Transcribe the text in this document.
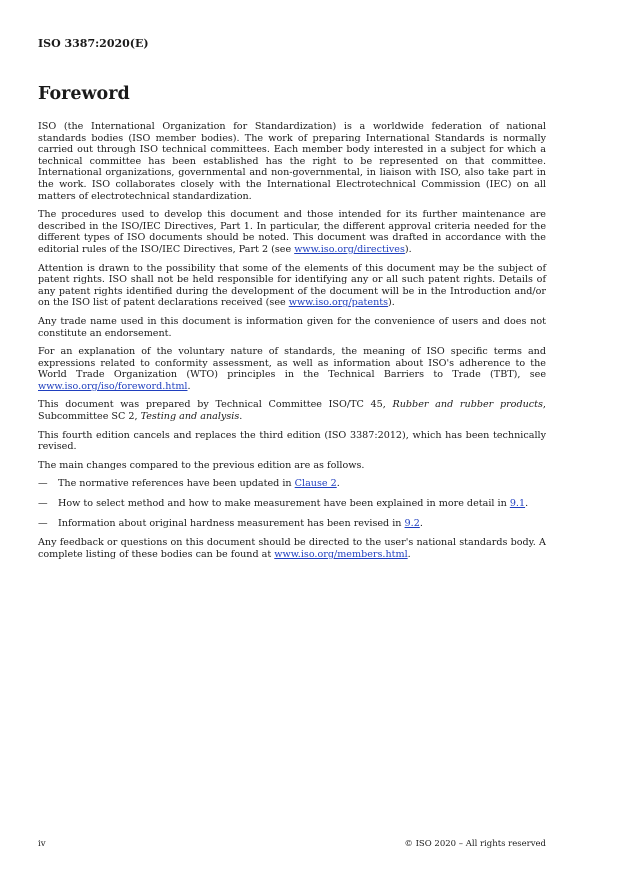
ISO 3387:2020(E)
Foreword

ISO (the International Organization for Standardization) is a worldwide federation of national standards bodies (ISO member bodies). The work of preparing International Standards is normally carried out through ISO technical committees. Each member body interested in a subject for which a technical committee has been established has the right to be represented on that committee. International organizations, governmental and non-governmental, in liaison with ISO, also take part in the work. ISO collaborates closely with the International Electrotechnical Commission (IEC) on all matters of electrotechnical standardization.

The procedures used to develop this document and those intended for its further maintenance are described in the ISO/IEC Directives, Part 1. In particular, the different approval criteria needed for the different types of ISO documents should be noted. This document was drafted in accordance with the editorial rules of the ISO/IEC Directives, Part 2 (see www.iso.org/directives).

Attention is drawn to the possibility that some of the elements of this document may be the subject of patent rights. ISO shall not be held responsible for identifying any or all such patent rights. Details of any patent rights identified during the development of the document will be in the Introduction and/or on the ISO list of patent declarations received (see www.iso.org/patents).

Any trade name used in this document is information given for the convenience of users and does not constitute an endorsement.

For an explanation of the voluntary nature of standards, the meaning of ISO specific terms and expressions related to conformity assessment, as well as information about ISO's adherence to the World Trade Organization (WTO) principles in the Technical Barriers to Trade (TBT), see www.iso.org/iso/foreword.html.

This document was prepared by Technical Committee ISO/TC 45, Rubber and rubber products, Subcommittee SC 2, Testing and analysis.

This fourth edition cancels and replaces the third edition (ISO 3387:2012), which has been technically revised.

The main changes compared to the previous edition are as follows.

—	The normative references have been updated in Clause 2.
—	How to select method and how to make measurement have been explained in more detail in 9.1.
—	Information about original hardness measurement has been revised in 9.2.

Any feedback or questions on this document should be directed to the user's national standards body. A complete listing of these bodies can be found at www.iso.org/members.html.

iv	© ISO 2020 – All rights reserved
